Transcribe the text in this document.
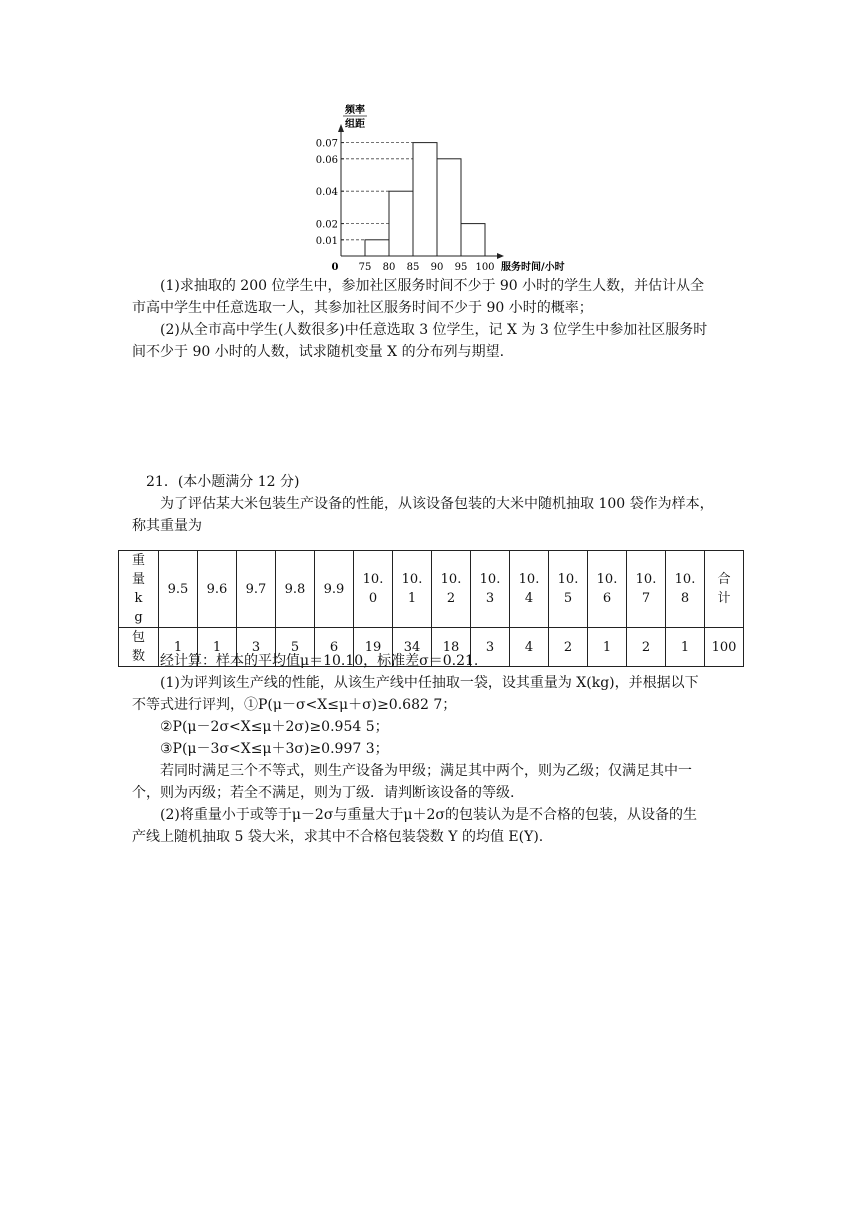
0.01
0.02
0.04
0.06
0.07
75 80 85 90 95 100
0	服务时间/小时
频率
组距
(1)求抽取的 200 位学生中，参加社区服务时间不少于 90 小时的学生人数，并估计从全
市高中学生中任意选取一人，其参加社区服务时间不少于 90 小时的概率；
(2)从全市高中学生(人数很多)中任意选取 3 位学生，记 X 为 3 位学生中参加社区服务时
间不少于 90 小时的人数，试求随机变量 X 的分布列与期望.
21．(本小题满分 12 分)
为了评估某大米包装生产设备的性能，从该设备包装的大米中随机抽取 100 袋作为样本，
称其重量为
重量kg	9.5	9.6	9.7	9.8	9.9	10.0	10.1	10.2	10.3	10.4	10.5	10.6	10.7	10.8	合计

包数	1	1	3	5	6	19	34	18	3	4	2	1	2	1	100
经计算：样本的平均值μ＝10.10，标准差σ＝0.21.
(1)为评判该生产线的性能，从该生产线中任抽取一袋，设其重量为 X(kg)，并根据以下
不等式进行评判，①P(μ－σ<X≤μ＋σ)≥0.682 7；
②P(μ－2σ<X≤μ＋2σ)≥0.954 5；
③P(μ－3σ<X≤μ＋3σ)≥0.997 3；
若同时满足三个不等式，则生产设备为甲级；满足其中两个，则为乙级；仅满足其中一
个，则为丙级；若全不满足，则为丁级．请判断该设备的等级.
(2)将重量小于或等于μ－2σ与重量大于μ＋2σ的包装认为是不合格的包装，从设备的生
产线上随机抽取 5 袋大米，求其中不合格包装袋数 Y 的均值 E(Y).
